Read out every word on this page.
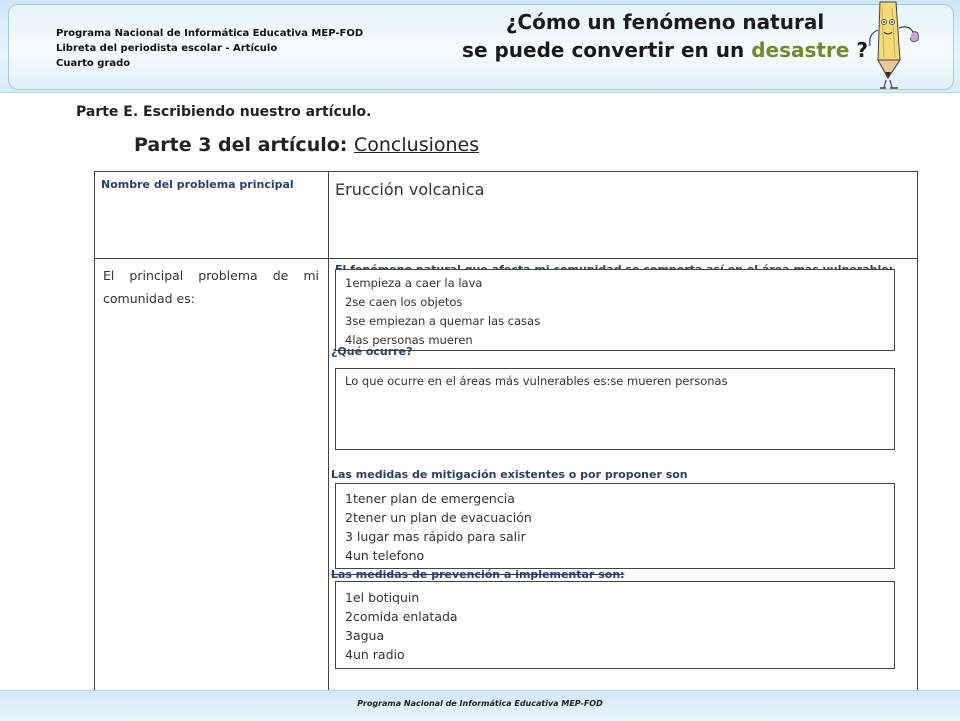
Programa Nacional de Informática Educativa MEP-FOD
Libreta del periodista escolar - Artículo
Cuarto grado
¿Cómo un fenómeno natural
se puede convertir en un desastre ?
Parte E. Escribiendo nuestro artículo.
Parte 3 del artículo: Conclusiones
Nombre del problema principal	Erucción volcanica
El principal problema de mi comunidad es:
1empieza a caer la lava
2se caen los objetos
3se empiezan a quemar las casas
4las personas mueren
¿Qué ocurre?
Lo que ocurre en el áreas más vulnerables es:se mueren personas
Las medidas de mitigación existentes o por proponer son
1tener plan de emergencia
2tener un plan de evacuación
3 lugar mas rápido para salir
4un telefono
Las medidas de prevención a implementar son:
1el botiquin
2comida enlatada
3agua
4un radio
Programa Nacional de Informática Educativa MEP-FOD
